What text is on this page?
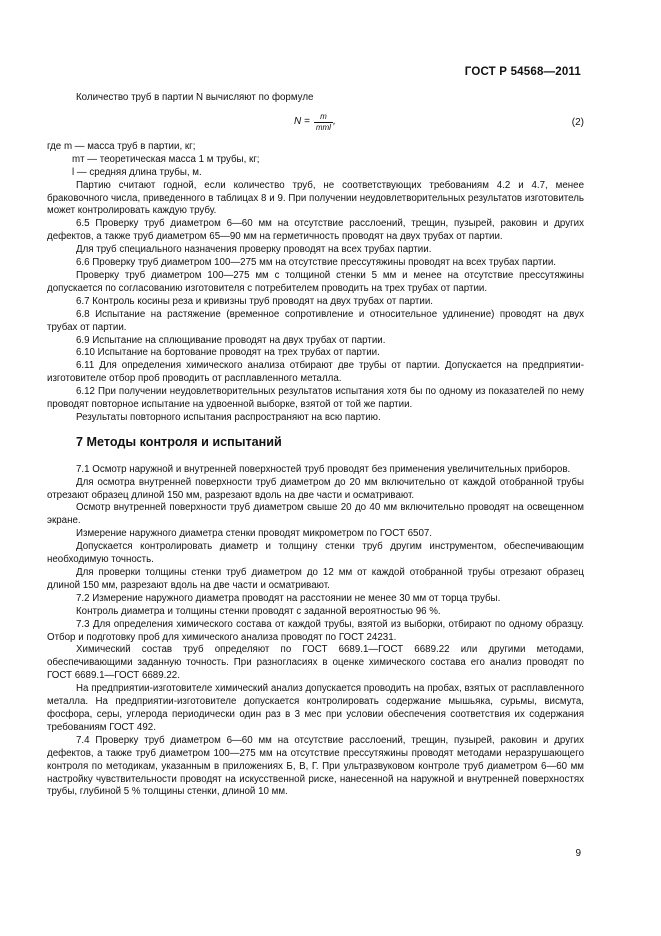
ГОСТ Р 54568—2011

Количество труб в партии N вычисляют по формуле

$N = \frac{m}{\text{mтl}}$ ,	(2)

где m — масса труб в партии, кг;

mт — теоретическая масса 1 м трубы, кг;

l — средняя длина трубы, м.

Партию считают годной, если количество труб, не соответствующих требованиям 4.2 и 4.7, менее браковочного числа, приведенного в таблицах 8 и 9. При получении неудовлетворительных результатов изготовитель может контролировать каждую трубу.

6.5 Проверку труб диаметром 6—60 мм на отсутствие расслоений, трещин, пузырей, раковин и других дефектов, а также труб диаметром 65—90 мм на герметичность проводят на двух трубах от партии.

Для труб специального назначения проверку проводят на всех трубах партии.

6.6 Проверку труб диаметром 100—275 мм на отсутствие прессутяжины проводят на всех трубах партии.

Проверку труб диаметром 100—275 мм с толщиной стенки 5 мм и менее на отсутствие прессутяжины допускается по согласованию изготовителя с потребителем проводить на трех трубах от партии.

6.7 Контроль косины реза и кривизны труб проводят на двух трубах от партии.

6.8 Испытание на растяжение (временное сопротивление и относительное удлинение) проводят на двух трубах от партии.

6.9 Испытание на сплющивание проводят на двух трубах от партии.

6.10 Испытание на бортование проводят на трех трубах от партии.

6.11 Для определения химического анализа отбирают две трубы от партии. Допускается на предприятии-изготовителе отбор проб проводить от расплавленного металла.

6.12 При получении неудовлетворительных результатов испытания хотя бы по одному из показателей по нему проводят повторное испытание на удвоенной выборке, взятой от той же партии.

Результаты повторного испытания распространяют на всю партию.

7 Методы контроля и испытаний

7.1 Осмотр наружной и внутренней поверхностей труб проводят без применения увеличительных приборов.

Для осмотра внутренней поверхности труб диаметром до 20 мм включительно от каждой отобранной трубы отрезают образец длиной 150 мм, разрезают вдоль на две части и осматривают.

Осмотр внутренней поверхности труб диаметром свыше 20 до 40 мм включительно проводят на освещенном экране.

Измерение наружного диаметра стенки проводят микрометром по ГОСТ 6507.

Допускается контролировать диаметр и толщину стенки труб другим инструментом, обеспечивающим необходимую точность.

Для проверки толщины стенки труб диаметром до 12 мм от каждой отобранной трубы отрезают образец длиной 150 мм, разрезают вдоль на две части и осматривают.

7.2 Измерение наружного диаметра проводят на расстоянии не менее 30 мм от торца трубы.

Контроль диаметра и толщины стенки проводят с заданной вероятностью 96 %.

7.3 Для определения химического состава от каждой трубы, взятой из выборки, отбирают по одному образцу. Отбор и подготовку проб для химического анализа проводят по ГОСТ 24231.

Химический состав труб определяют по ГОСТ 6689.1—ГОСТ 6689.22 или другими методами, обеспечивающими заданную точность. При разногласиях в оценке химического состава его анализ проводят по ГОСТ 6689.1—ГОСТ 6689.22.

На предприятии-изготовителе химический анализ допускается проводить на пробах, взятых от расплавленного металла. На предприятии-изготовителе допускается контролировать содержание мышьяка, сурьмы, висмута, фосфора, серы, углерода периодически один раз в 3 мес при условии обеспечения соответствия их содержания требованиям ГОСТ 492.

7.4 Проверку труб диаметром 6—60 мм на отсутствие расслоений, трещин, пузырей, раковин и других дефектов, а также труб диаметром 100—275 мм на отсутствие прессутяжины проводят методами неразрушающего контроля по методикам, указанным в приложениях Б, В, Г. При ультразвуковом контроле труб диаметром 6—60 мм настройку чувствительности проводят на искусственной риске, нанесенной на наружной и внутренней поверхностях трубы, глубиной 5 % толщины стенки, длиной 10 мм.

9
